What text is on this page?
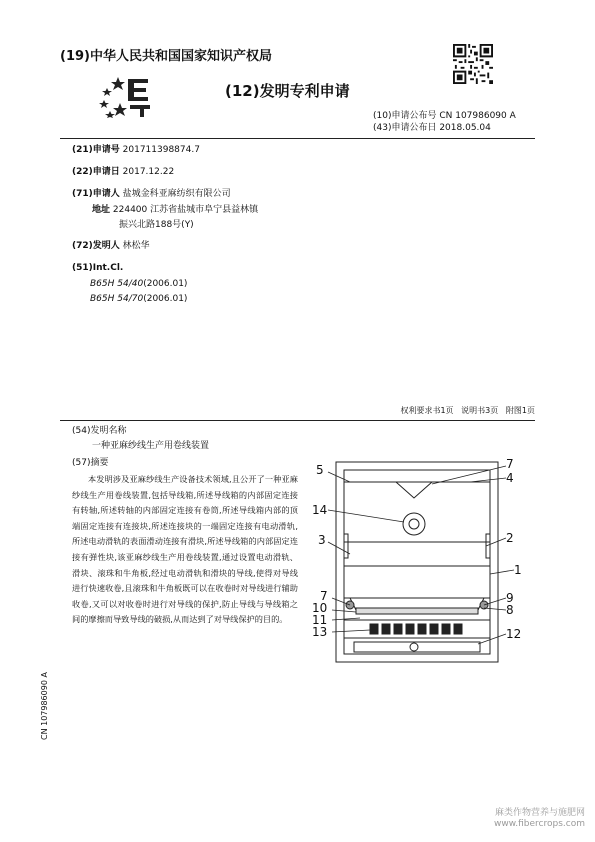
(19)中华人民共和国国家知识产权局
(12)发明专利申请
(10)申请公布号 CN 107986090 A
(43)申请公布日 2018.05.04
(21)申请号 201711398874.7
(22)申请日 2017.12.22
(71)申请人 盐城金科亚麻纺织有限公司
地址 224400 江苏省盐城市阜宁县益林镇
振兴北路188号(Y)
(72)发明人 林松华
(51)Int.Cl.
B65H 54/40(2006.01)
B65H 54/70(2006.01)
权利要求书1页   说明书3页   附图1页
(54)发明名称
一种亚麻纱线生产用卷线装置
(57)摘要
本发明涉及亚麻纱线生产设备技术领域,且公开了一种亚麻纱线生产用卷线装置,包括导线箱,所述导线箱的内部固定连接有转轴,所述转轴的内部固定连接有卷筒,所述导线箱内部的顶端固定连接有连接块,所述连接块的一端固定连接有电动滑轨,所述电动滑轨的表面滑动连接有滑块,所述导线箱的内部固定连接有弹性块,该亚麻纱线生产用卷线装置,通过设置电动滑轨、滑块、滚珠和牛角板,经过电动滑轨和滑块的导线,使得对导线进行快速收卷,且滚珠和牛角板既可以在收卷时对导线进行辅助收卷,又可以对收卷时进行对导线的保护,防止导线与导线箱之间的摩擦而导致导线的破损,从而达到了对导线保护的目的。
5	7
4
14
3	2
1
7	9
10	8
11
13	12
CN 107986090 A
麻类作物营养与施肥网
www.fibercrops.com
